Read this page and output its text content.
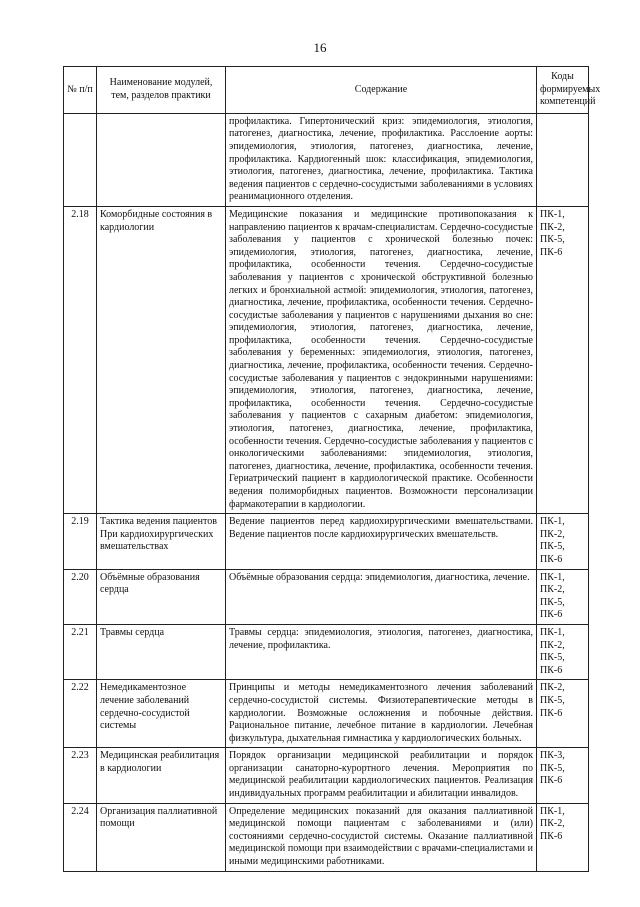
16
№ п/п	Наименование модулей, тем, разделов практики	Содержание	Коды формируемых компетенций
		профилактика. Гипертонический криз: эпидемиология, этиология, патогенез, диагностика, лечение, профилактика. Расслоение аорты: эпидемиология, этиология, патогенез, диагностика, лечение, профилактика. Кардиогенный шок: классификация, эпидемиология, этиология, патогенез, диагностика, лечение, профилактика. Тактика ведения пациентов с сердечно-сосудистыми заболеваниями в условиях реанимационного отделения.	
2.18	Коморбидные состояния в кардиологии	Медицинские показания и медицинские противопоказания к направлению пациентов к врачам-специалистам. Сердечно-сосудистые заболевания у пациентов с хронической болезнью почек: эпидемиология, этиология, патогенез, диагностика, лечение, профилактика, особенности течения. Сердечно-сосудистые заболевания у пациентов с хронической обструктивной болезнью легких и бронхиальной астмой: эпидемиология, этиология, патогенез, диагностика, лечение, профилактика, особенности течения. Сердечно-сосудистые заболевания у пациентов с нарушениями дыхания во сне: эпидемиология, этиология, патогенез, диагностика, лечение, профилактика, особенности течения. Сердечно-сосудистые заболевания у беременных: эпидемиология, этиология, патогенез, диагностика, лечение, профилактика, особенности течения. Сердечно-сосудистые заболевания у пациентов с эндокринными нарушениями: эпидемиология, этиология, патогенез, диагностика, лечение, профилактика, особенности течения. Сердечно-сосудистые заболевания у пациентов с сахарным диабетом: эпидемиология, этиология, патогенез, диагностика, лечение, профилактика, особенности течения. Сердечно-сосудистые заболевания у пациентов с онкологическими заболеваниями: эпидемиология, этиология, патогенез, диагностика, лечение, профилактика, особенности течения. Гериатрический пациент в кардиологической практике. Особенности ведения полиморбидных пациентов. Возможности персонализации фармакотерапии в кардиологии.	ПК-1, ПК-2, ПК-5, ПК-6
2.19	Тактика ведения пациентов При кардиохирургических вмешательствах	Ведение пациентов перед кардиохирургическими вмешательствами. Ведение пациентов после кардиохирургических вмешательств.	ПК-1, ПК-2, ПК-5, ПК-6
2.20	Объёмные образования сердца	Объёмные образования сердца: эпидемиология, диагностика, лечение.	ПК-1, ПК-2, ПК-5, ПК-6
2.21	Травмы сердца	Травмы сердца: эпидемиология, этиология, патогенез, диагностика, лечение, профилактика.	ПК-1, ПК-2, ПК-5, ПК-6
2.22	Немедикаментозное лечение заболеваний сердечно-сосудистой системы	Принципы и методы немедикаментозного лечения заболеваний сердечно-сосудистой системы. Физиотерапевтические методы в кардиологии. Возможные осложнения и побочные действия. Рациональное питание, лечебное питание в кардиологии. Лечебная физкультура, дыхательная гимнастика у кардиологических больных.	ПК-2, ПК-5, ПК-6
2.23	Медицинская реабилитация в кардиологии	Порядок организации медицинской реабилитации и порядок организации санаторно-курортного лечения. Мероприятия по медицинской реабилитации кардиологических пациентов. Реализация индивидуальных программ реабилитации и абилитации инвалидов.	ПК-3, ПК-5, ПК-6
2.24	Организация паллиативной помощи	Определение медицинских показаний для оказания паллиативной медицинской помощи пациентам с заболеваниями и (или) состояниями сердечно-сосудистой системы. Оказание паллиативной медицинской помощи при взаимодействии с врачами-специалистами и иными медицинскими работниками.	ПК-1, ПК-2, ПК-6
